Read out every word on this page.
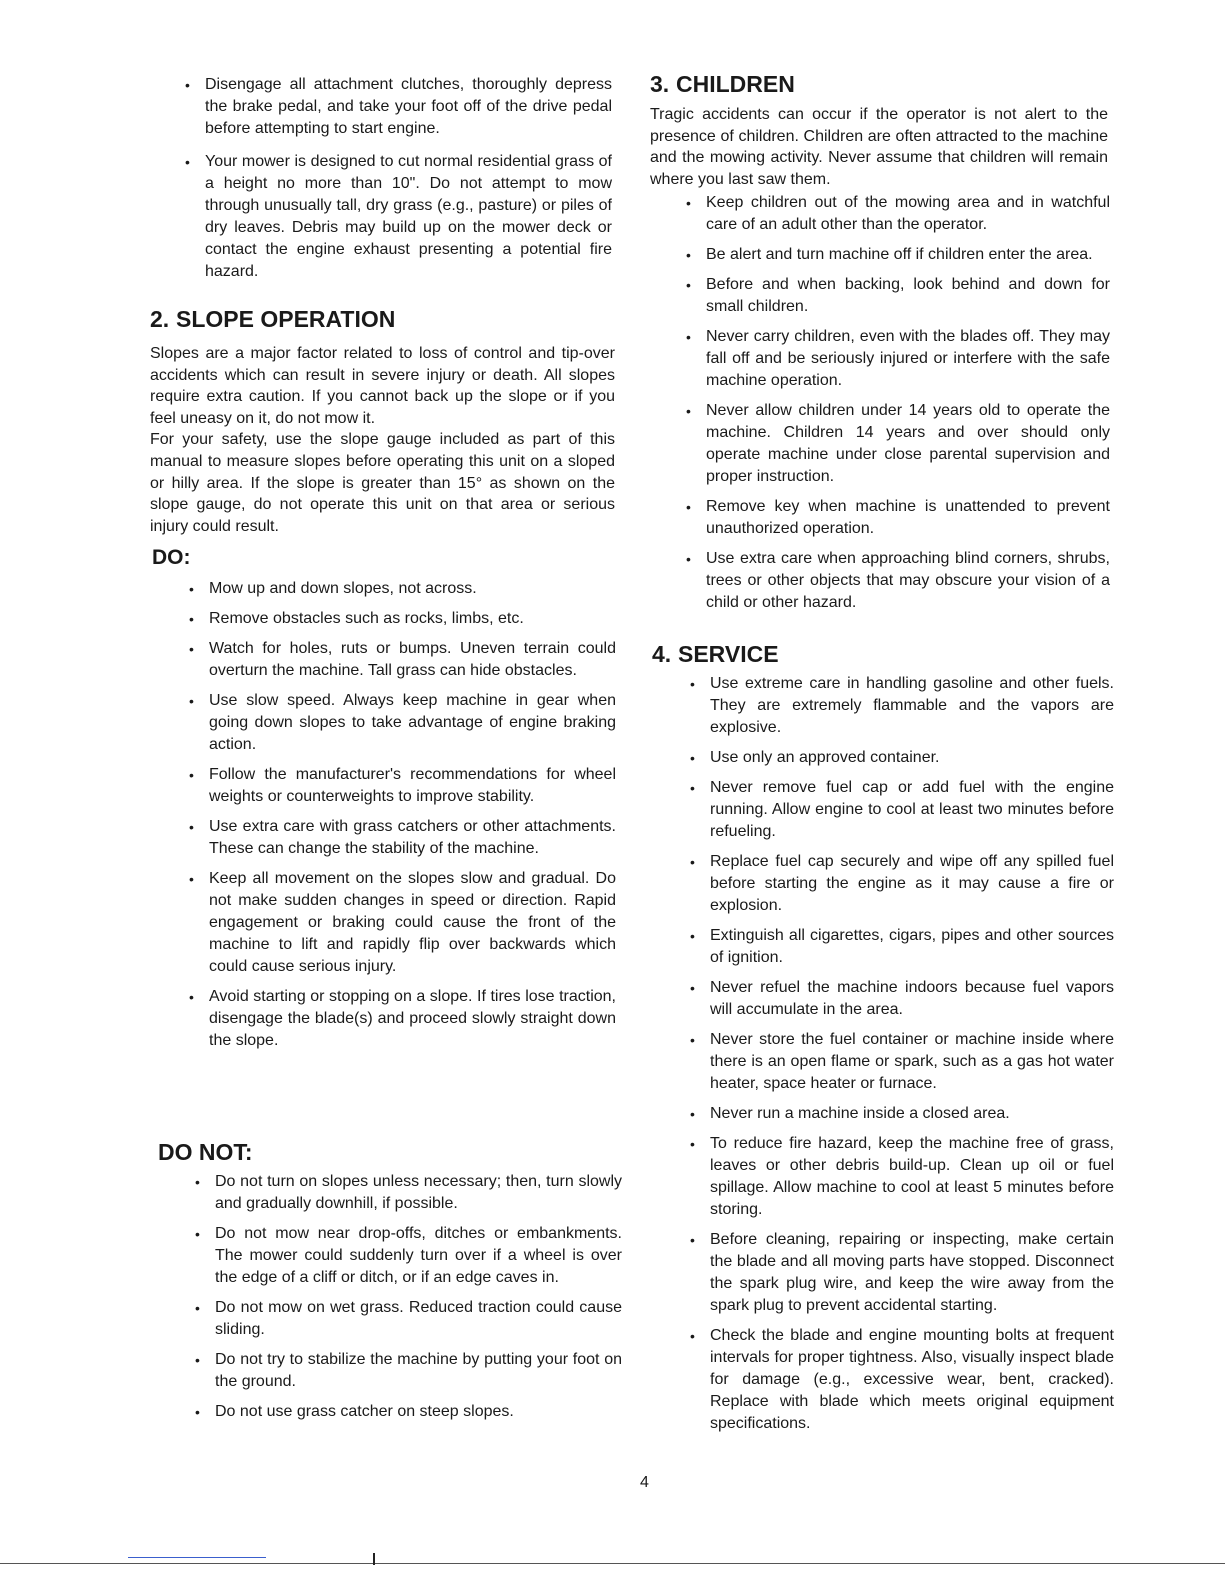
• Disengage all attachment clutches, thoroughly depress the brake pedal, and take your foot off of the drive pedal before attempting to start engine.
• Your mower is designed to cut normal residential grass of a height no more than 10". Do not attempt to mow through unusually tall, dry grass (e.g., pasture) or piles of dry leaves. Debris may build up on the mower deck or contact the engine exhaust presenting a potential fire hazard.
2. SLOPE OPERATION

Slopes are a major factor related to loss of control and tip-over accidents which can result in severe injury or death. All slopes require extra caution. If you cannot back up the slope or if you feel uneasy on it, do not mow it.

For your safety, use the slope gauge included as part of this manual to measure slopes before operating this unit on a sloped or hilly area. If the slope is greater than 15° as shown on the slope gauge, do not operate this unit on that area or serious injury could result.

DO:
• Mow up and down slopes, not across.
• Remove obstacles such as rocks, limbs, etc.
• Watch for holes, ruts or bumps. Uneven terrain could overturn the machine. Tall grass can hide obstacles.
• Use slow speed. Always keep machine in gear when going down slopes to take advantage of engine braking action.
• Follow the manufacturer's recommendations for wheel weights or counterweights to improve stability.
• Use extra care with grass catchers or other attachments. These can change the stability of the machine.
• Keep all movement on the slopes slow and gradual. Do not make sudden changes in speed or direction. Rapid engagement or braking could cause the front of the machine to lift and rapidly flip over backwards which could cause serious injury.
• Avoid starting or stopping on a slope. If tires lose traction, disengage the blade(s) and proceed slowly straight down the slope.
DO NOT:
• Do not turn on slopes unless necessary; then, turn slowly and gradually downhill, if possible.
• Do not mow near drop-offs, ditches or embankments. The mower could suddenly turn over if a wheel is over the edge of a cliff or ditch, or if an edge caves in.
• Do not mow on wet grass. Reduced traction could cause sliding.
• Do not try to stabilize the machine by putting your foot on the ground.
• Do not use grass catcher on steep slopes.
3. CHILDREN

Tragic accidents can occur if the operator is not alert to the presence of children. Children are often attracted to the machine and the mowing activity. Never assume that children will remain where you last saw them.

• Keep children out of the mowing area and in watchful care of an adult other than the operator.
• Be alert and turn machine off if children enter the area.
• Before and when backing, look behind and down for small children.
• Never carry children, even with the blades off. They may fall off and be seriously injured or interfere with the safe machine operation.
• Never allow children under 14 years old to operate the machine. Children 14 years and over should only operate machine under close parental supervision and proper instruction.
• Remove key when machine is unattended to prevent unauthorized operation.
• Use extra care when approaching blind corners, shrubs, trees or other objects that may obscure your vision of a child or other hazard.
4. SERVICE
• Use extreme care in handling gasoline and other fuels. They are extremely flammable and the vapors are explosive.
• Use only an approved container.
• Never remove fuel cap or add fuel with the engine running. Allow engine to cool at least two minutes before refueling.
• Replace fuel cap securely and wipe off any spilled fuel before starting the engine as it may cause a fire or explosion.
• Extinguish all cigarettes, cigars, pipes and other sources of ignition.
• Never refuel the machine indoors because fuel vapors will accumulate in the area.
• Never store the fuel container or machine inside where there is an open flame or spark, such as a gas hot water heater, space heater or furnace.
• Never run a machine inside a closed area.
• To reduce fire hazard, keep the machine free of grass, leaves or other debris build-up. Clean up oil or fuel spillage. Allow machine to cool at least 5 minutes before storing.
• Before cleaning, repairing or inspecting, make certain the blade and all moving parts have stopped. Disconnect the spark plug wire, and keep the wire away from the spark plug to prevent accidental starting.
• Check the blade and engine mounting bolts at frequent intervals for proper tightness. Also, visually inspect blade for damage (e.g., excessive wear, bent, cracked). Replace with blade which meets original equipment specifications.
4
